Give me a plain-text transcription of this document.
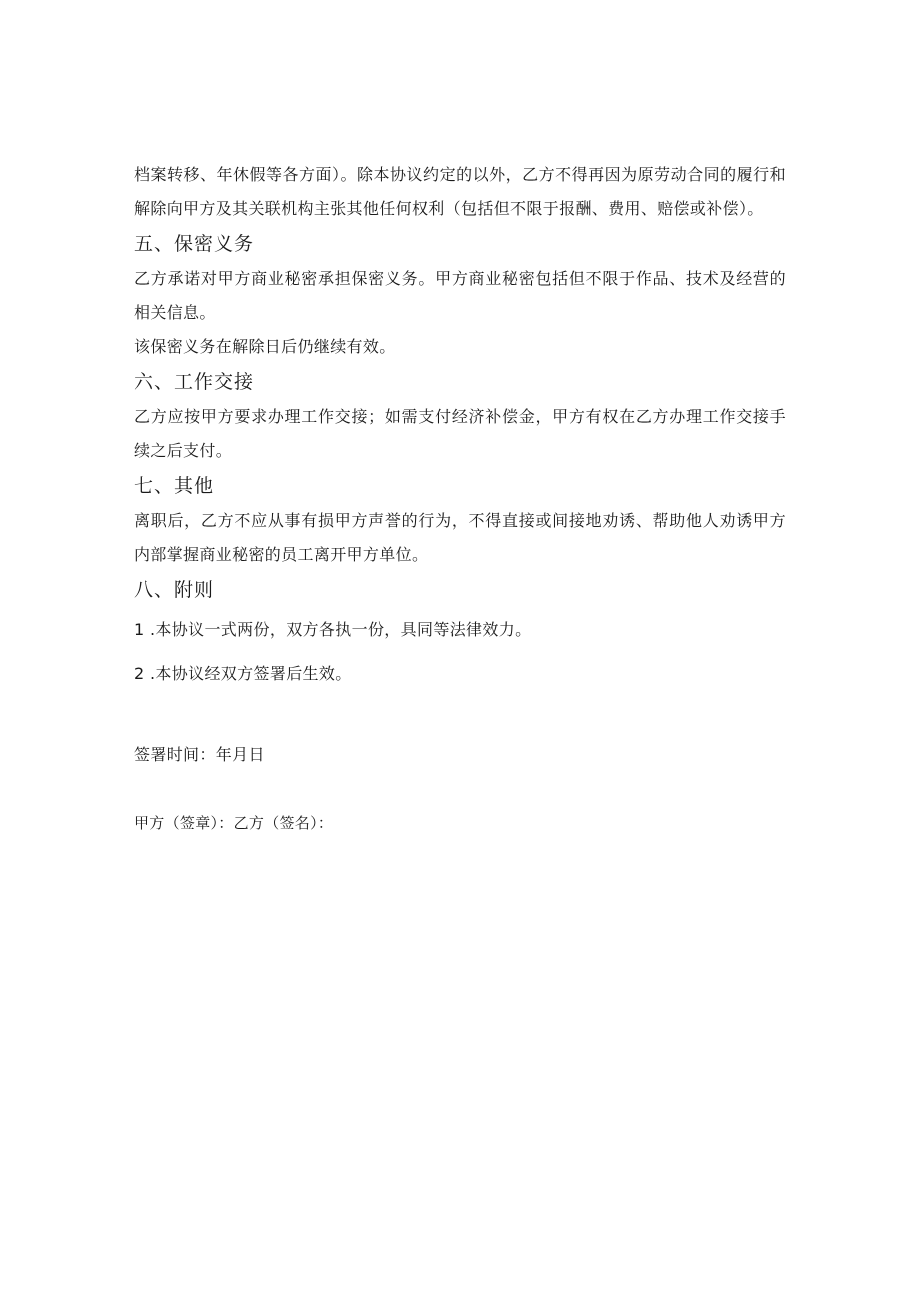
档案转移、年休假等各方面）。除本协议约定的以外，乙方不得再因为原劳动合同的履行和解除向甲方及其关联机构主张其他任何权利（包括但不限于报酬、费用、赔偿或补偿）。

五、保密义务

乙方承诺对甲方商业秘密承担保密义务。甲方商业秘密包括但不限于作品、技术及经营的相关信息。

该保密义务在解除日后仍继续有效。

六、工作交接

乙方应按甲方要求办理工作交接；如需支付经济补偿金，甲方有权在乙方办理工作交接手续之后支付。

七、其他

离职后，乙方不应从事有损甲方声誉的行为，不得直接或间接地劝诱、帮助他人劝诱甲方内部掌握商业秘密的员工离开甲方单位。

八、附则

1 .本协议一式两份，双方各执一份，具同等法律效力。

2 .本协议经双方签署后生效。

签署时间：年月日

甲方（签章）：乙方（签名）：
